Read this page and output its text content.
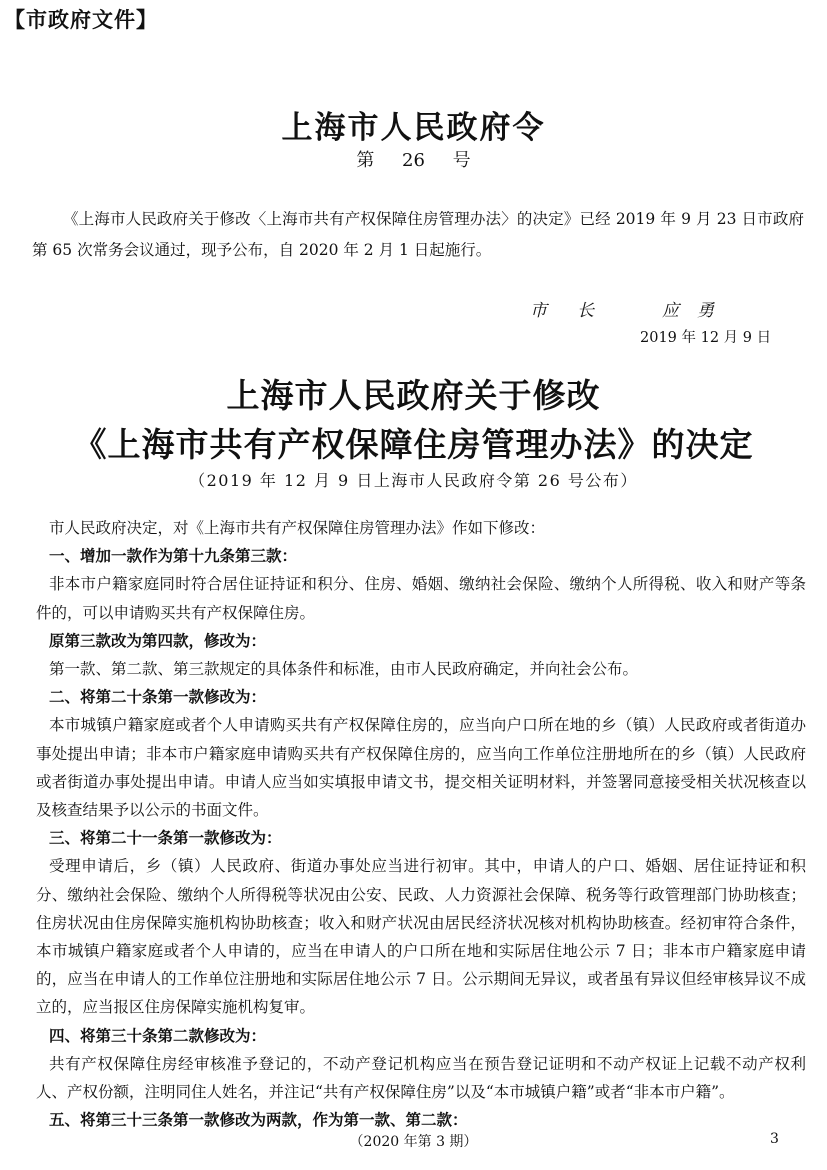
【市政府文件】
上海市人民政府令
第 26 号
《上海市人民政府关于修改〈上海市共有产权保障住房管理办法〉的决定》已经 2019 年 9 月 23 日市政府第 65 次常务会议通过，现予公布，自 2020 年 2 月 1 日起施行。
市长 应勇
2019 年 12 月 9 日
上海市人民政府关于修改
《上海市共有产权保障住房管理办法》的决定
（2019 年 12 月 9 日上海市人民政府令第 26 号公布）

市人民政府决定，对《上海市共有产权保障住房管理办法》作如下修改：

一、增加一款作为第十九条第三款：

非本市户籍家庭同时符合居住证持证和积分、住房、婚姻、缴纳社会保险、缴纳个人所得税、收入和财产等条件的，可以申请购买共有产权保障住房。

原第三款改为第四款，修改为：

第一款、第二款、第三款规定的具体条件和标准，由市人民政府确定，并向社会公布。

二、将第二十条第一款修改为：

本市城镇户籍家庭或者个人申请购买共有产权保障住房的，应当向户口所在地的乡（镇）人民政府或者街道办事处提出申请；非本市户籍家庭申请购买共有产权保障住房的，应当向工作单位注册地所在的乡（镇）人民政府或者街道办事处提出申请。申请人应当如实填报申请文书，提交相关证明材料，并签署同意接受相关状况核查以及核查结果予以公示的书面文件。

三、将第二十一条第一款修改为：

受理申请后，乡（镇）人民政府、街道办事处应当进行初审。其中，申请人的户口、婚姻、居住证持证和积分、缴纳社会保险、缴纳个人所得税等状况由公安、民政、人力资源社会保障、税务等行政管理部门协助核查；住房状况由住房保障实施机构协助核查；收入和财产状况由居民经济状况核对机构协助核查。经初审符合条件，本市城镇户籍家庭或者个人申请的，应当在申请人的户口所在地和实际居住地公示 7 日；非本市户籍家庭申请的，应当在申请人的工作单位注册地和实际居住地公示 7 日。公示期间无异议，或者虽有异议但经审核异议不成立的，应当报区住房保障实施机构复审。

四、将第三十条第二款修改为：

共有产权保障住房经审核准予登记的，不动产登记机构应当在预告登记证明和不动产权证上记载不动产权利人、产权份额，注明同住人姓名，并注记“共有产权保障住房”以及“本市城镇户籍”或者“非本市户籍”。

五、将第三十三条第一款修改为两款，作为第一款、第二款：

（2020 年第 3 期）	3
